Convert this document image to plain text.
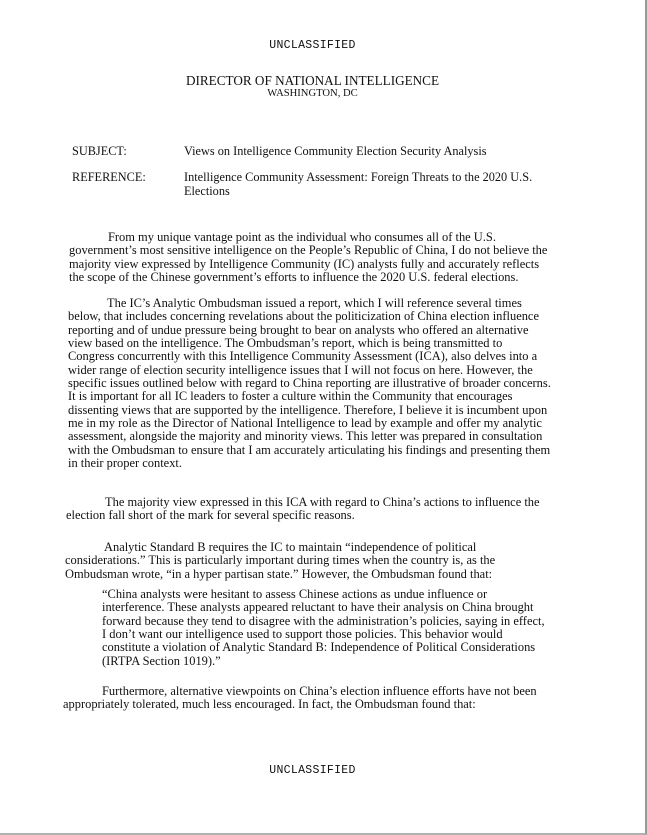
UNCLASSIFIED
DIRECTOR OF NATIONAL INTELLIGENCE
WASHINGTON, DC
SUBJECT:	Views on Intelligence Community Election Security Analysis
REFERENCE:	Intelligence Community Assessment: Foreign Threats to the 2020 U.S.
Elections
From my unique vantage point as the individual who consumes all of the U.S.
government’s most sensitive intelligence on the People’s Republic of China, I do not believe the
majority view expressed by Intelligence Community (IC) analysts fully and accurately reflects
the scope of the Chinese government’s efforts to influence the 2020 U.S. federal elections.
The IC’s Analytic Ombudsman issued a report, which I will reference several times
below, that includes concerning revelations about the politicization of China election influence
reporting and of undue pressure being brought to bear on analysts who offered an alternative
view based on the intelligence. The Ombudsman’s report, which is being transmitted to
Congress concurrently with this Intelligence Community Assessment (ICA), also delves into a
wider range of election security intelligence issues that I will not focus on here. However, the
specific issues outlined below with regard to China reporting are illustrative of broader concerns.
It is important for all IC leaders to foster a culture within the Community that encourages
dissenting views that are supported by the intelligence. Therefore, I believe it is incumbent upon
me in my role as the Director of National Intelligence to lead by example and offer my analytic
assessment, alongside the majority and minority views. This letter was prepared in consultation
with the Ombudsman to ensure that I am accurately articulating his findings and presenting them
in their proper context.
The majority view expressed in this ICA with regard to China’s actions to influence the
election fall short of the mark for several specific reasons.
Analytic Standard B requires the IC to maintain “independence of political
considerations.” This is particularly important during times when the country is, as the
Ombudsman wrote, “in a hyper partisan state.” However, the Ombudsman found that:
“China analysts were hesitant to assess Chinese actions as undue influence or
interference. These analysts appeared reluctant to have their analysis on China brought
forward because they tend to disagree with the administration’s policies, saying in effect,
I don’t want our intelligence used to support those policies. This behavior would
constitute a violation of Analytic Standard B: Independence of Political Considerations
(IRTPA Section 1019).”
Furthermore, alternative viewpoints on China’s election influence efforts have not been
appropriately tolerated, much less encouraged. In fact, the Ombudsman found that:
UNCLASSIFIED
